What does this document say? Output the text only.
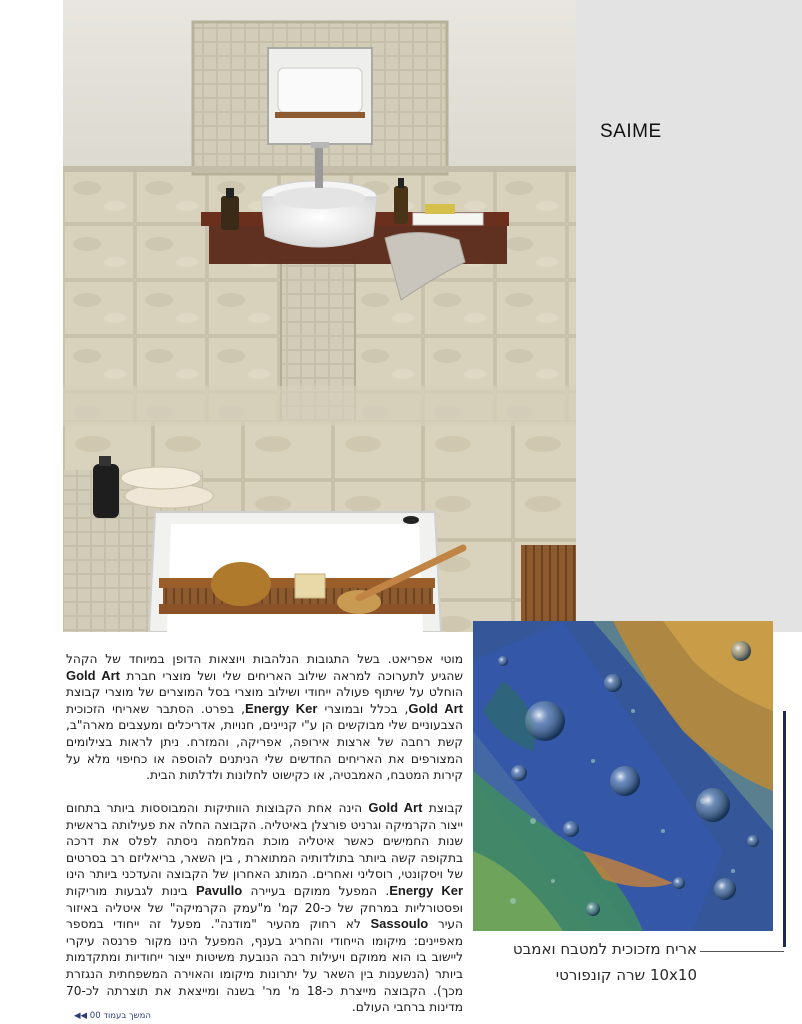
SAIME
מוטי אפריאט. בשל התגובות הנלהבות ויוצאות הדופן במיוחד של הקהל שהגיע לתערוכה למראה שילוב האריחים שלי ושל מוצרי חברת Gold Art הוחלט על שיתוף פעולה ייחודי ושילוב מוצרי בסל המוצרים של מוצרי קבוצת Gold Art, בכלל ובמוצרי Energy Ker, בפרט. הסתבר שאריחי הזכוכית הצבעוניים שלי מבוקשים הן ע"י קניינים, חנויות, אדריכלים ומעצבים מארה"ב, קשת רחבה של ארצות אירופה, אפריקה, והמזרח. ניתן לראות בצילומים המצורפים את האריחים החדשים שלי הניתנים להוספה או כחיפוי מלא על קירות המטבח, האמבטיה, או כקישוט לחלונות ולדלתות הבית.
קבוצת Gold Art הינה אחת הקבוצות הוותיקות והמבוססות ביותר בתחום ייצור הקרמיקה וגרניט פורצלן באיטליה. הקבוצה החלה את פעילותה בראשית שנות החמישים כאשר איטליה מוכת המלחמה ניסתה לפלס את דרכה בתקופה קשה ביותר בתולדותיה המתוארת , בין השאר, בריאליזם רב בסרטים של ויסקונטי, רוסליני ואחרים. המותג האחרון של הקבוצה והעדכני ביותר הינו Energy Ker. המפעל ממוקם בעיירה Pavullo בינות לגבעות מוריקות ופסטורליות במרחק של כ-20 קמ' מ"עמק הקרמיקה" של איטליה באיזור העיר Sassoulo לא רחוק מהעיר "מודנה". מפעל זה ייחודי במספר מאפיינים: מיקומו הייחודי והחריג בענף, המפעל הינו מקור פרנסה עיקרי ליישוב בו הוא ממוקם ויעילות רבה הנובעת משיטות ייצור ייחודיות ומתקדמות ביותר (הנשענות בין השאר על יתרונות מיקומו והאוירה המשפחתית הנגזרת מכך). הקבוצה מייצרת כ-18 מ' מר' בשנה ומייצאת את תוצרתה לכ-70 מדינות ברחבי העולם.
אריח מזכוכית למטבח ואמבט
10x10 שרה קונפורטי
המשך בעמוד 00 ◀◀
